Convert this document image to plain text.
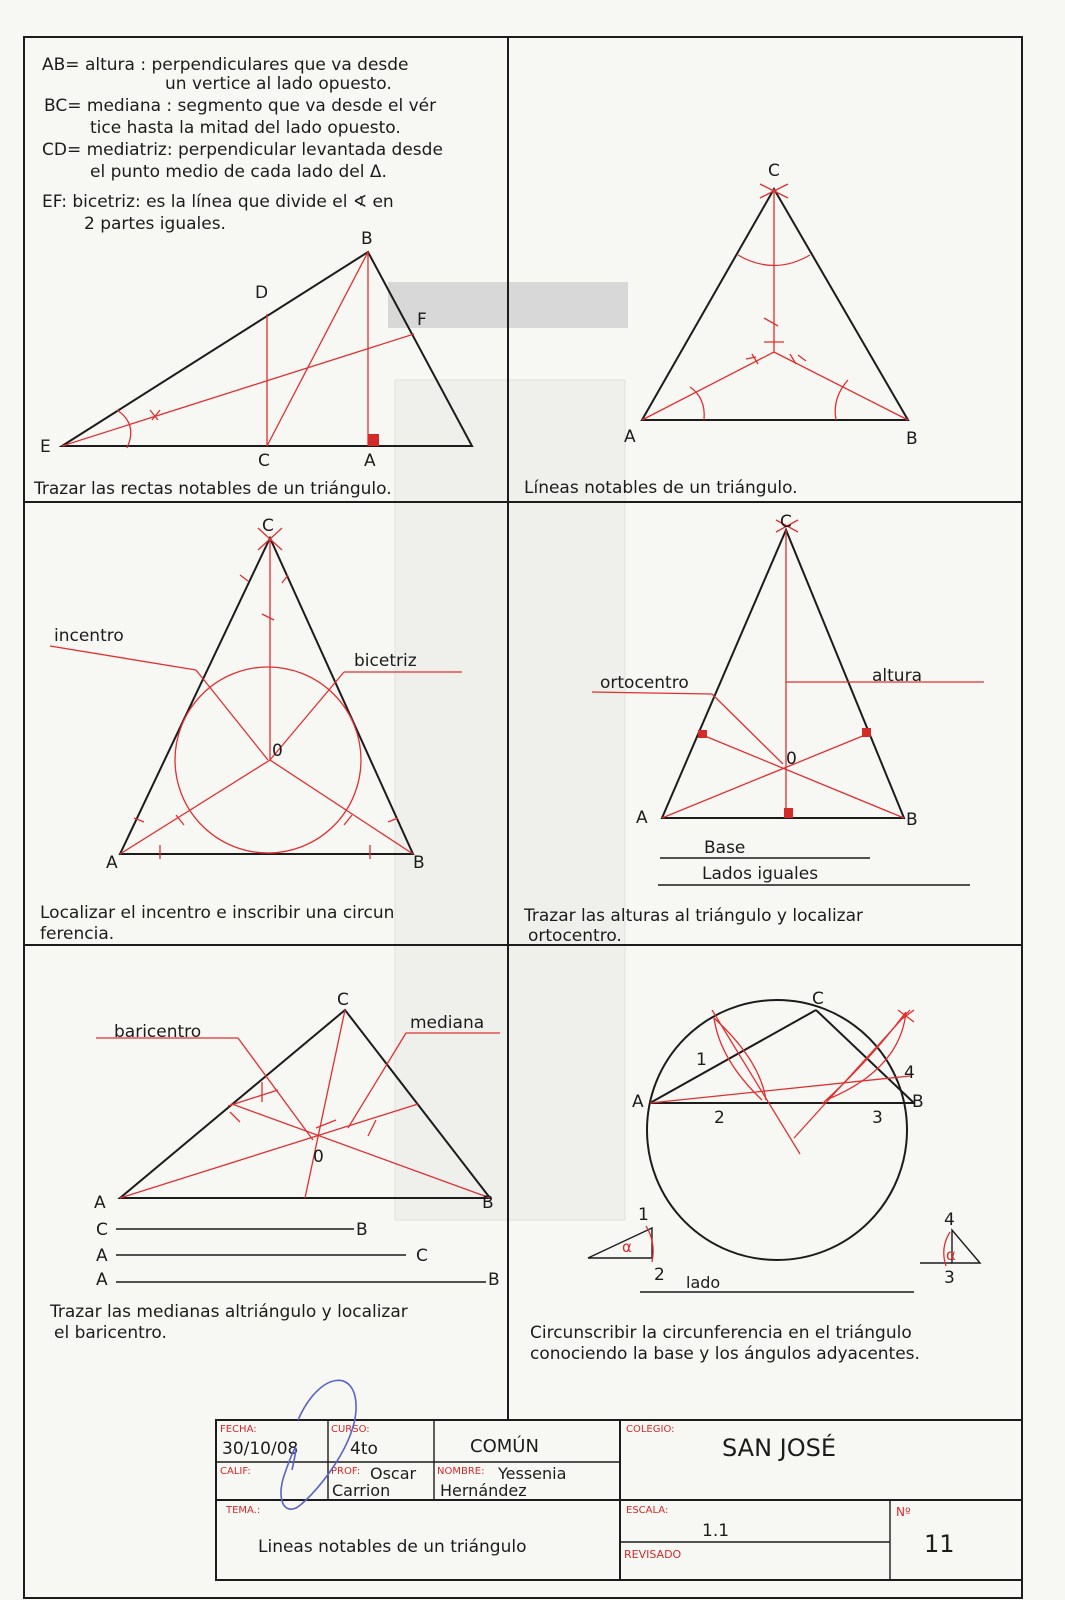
AB= altura : perpendiculares que va desde
un vertice al lado opuesto.
BC= mediana : segmento que va desde el vér
tice hasta la mitad del lado opuesto.
CD= mediatriz: perpendicular levantada desde
el punto medio de cada lado del Δ.
EF: bicetriz: es la línea que divide el ∢ en
2 partes iguales.
B
D
F
E
C	A
Trazar las rectas notables de un triángulo.
C
A	B
Líneas notables de un triángulo.
C
A	B
0
incentro
bicetriz
Localizar el incentro e inscribir una circun
ferencia.
C
A	B
0
ortocentro	altura
Base
Lados iguales
Trazar las alturas al triángulo y localizar
ortocentro.
C
A	B
0
baricentro	mediana
C	B
A	C
A	B
Trazar las medianas altriángulo y localizar
el baricentro.
C
A	B
1
2	3
4
α
1
2 lado
α
4
3
Circunscribir la circunferencia en el triángulo
conociendo la base y los ángulos adyacentes.
FECHA:
30/10/08
CURSO:
4to	COMÚN
COLEGIO:
SAN JOSÉ
CALIF:	PROF: Oscar
Carrion
NOMBRE: Yessenia
Hernández
TEMA.:
Lineas notables de un triángulo
ESCALA:
1.1
REVISADO
Nº
11
